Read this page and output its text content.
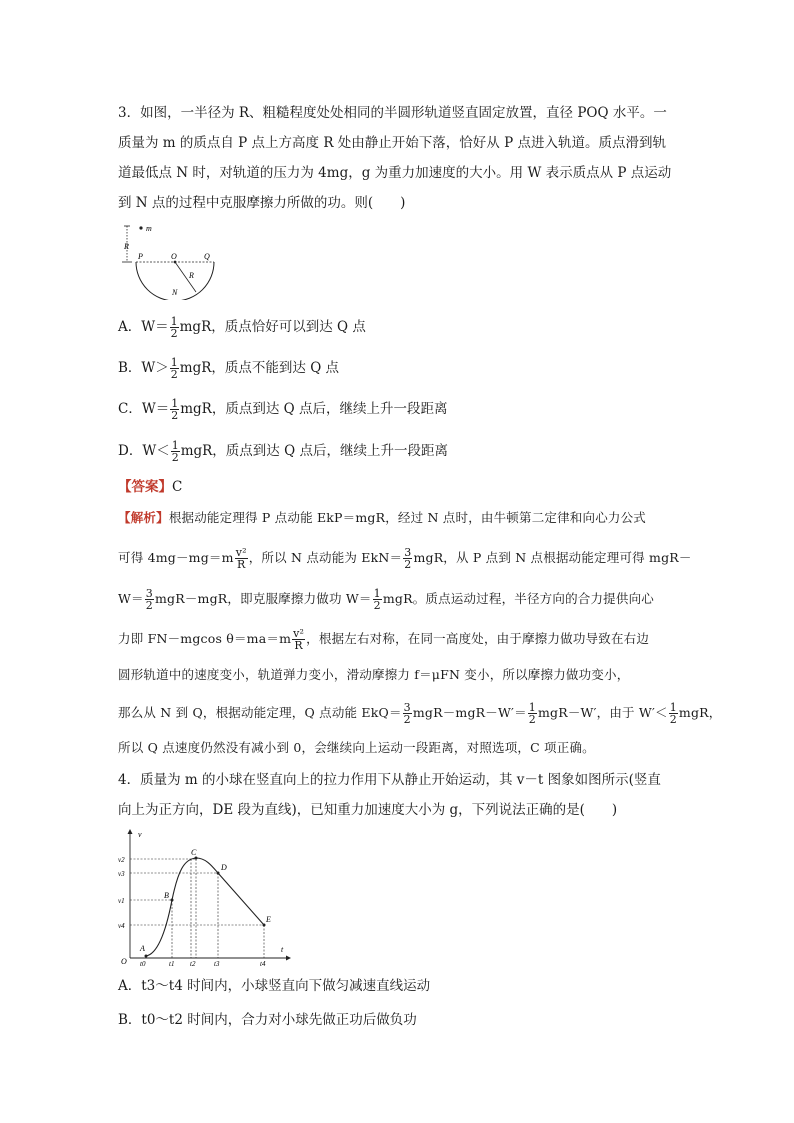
3．如图，一半径为 R、粗糙程度处处相同的半圆形轨道竖直固定放置，直径 POQ 水平。一
质量为 m 的质点自 P 点上方高度 R 处由静止开始下落，恰好从 P 点进入轨道。质点滑到轨
道最低点 N 时，对轨道的压力为 4mg，g 为重力加速度的大小。用 W 表示质点从 P 点运动
到 N 点的过程中克服摩擦力所做的功。则(　　)
R
m
P	O	Q
R
N
A．$W= \frac{1}{2}$ mgR，质点恰好可以到达 Q 点
B．$W> \frac{1}{2}$ mgR，质点不能到达 Q 点
C．$W= \frac{1}{2}$ mgR，质点到达 Q 点后，继续上升一段距离
D．$W< \frac{1}{2}$ mgR，质点到达 Q 点后，继续上升一段距离
【答案】C
【解析】根据动能定理得 P 点动能 EkP＝mgR，经过 N 点时，由牛顿第二定律和向心力公式
可得 $4mg-mg=m \frac{\text{v²}}{R}$ ，所以 N 点动能为 $EkN= \frac{3}{2}$ mgR，从 P 点到 N 点根据动能定理可得 mgR－
$W= \frac{3}{2} mgR-mgR$，即克服摩擦力做功 $W= \frac{1}{2}$ mgR。质点运动过程，半径方向的合力提供向心
力即 FN－mgcos $\theta=ma=m \frac{\text{v²}}{R}$ ，根据左右对称，在同一高度处，由于摩擦力做功导致在右边
圆形轨道中的速度变小，轨道弹力变小，滑动摩擦力 f＝μFN 变小，所以摩擦力做功变小，
那么从 N 到 Q，根据动能定理，Q 点动能 $EkQ= \frac{3}{2} mgR-mgR-W'= \frac{1}{2} mgR-W'$，由于 $W'< \frac{1}{2}$ mgR，
所以 Q 点速度仍然没有减小到 0，会继续向上运动一段距离，对照选项，C 项正确。
4．质量为 m 的小球在竖直向上的拉力作用下从静止开始运动，其 v－t 图象如图所示(竖直
向上为正方向，DE 段为直线)，已知重力加速度大小为 g，下列说法正确的是(　　)
v
t
O
v2
v3
v1
v4
t0	t1 t2	t3	t4
A
B
C
D
E
A．t3～t4 时间内，小球竖直向下做匀减速直线运动
B．t0～t2 时间内，合力对小球先做正功后做负功
